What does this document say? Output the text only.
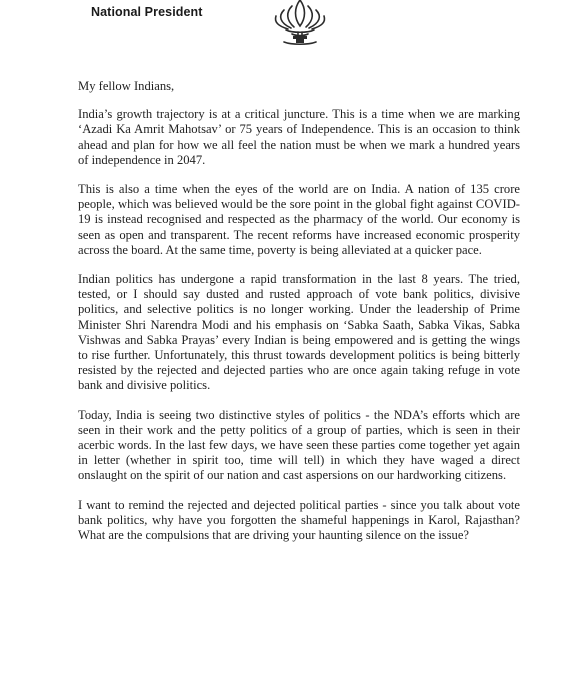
National President

My fellow Indians,

India’s growth trajectory is at a critical juncture. This is a time when we are marking ‘Azadi Ka Amrit Mahotsav’ or 75 years of Independence. This is an occasion to think ahead and plan for how we all feel the nation must be when we mark a hundred years of independence in 2047.

This is also a time when the eyes of the world are on India. A nation of 135 crore people, which was believed would be the sore point in the global fight against COVID-19 is instead recognised and respected as the pharmacy of the world. Our economy is seen as open and transparent. The recent reforms have increased economic prosperity across the board. At the same time, poverty is being alleviated at a quicker pace.

Indian politics has undergone a rapid transformation in the last 8 years. The tried, tested, or I should say dusted and rusted approach of vote bank politics, divisive politics, and selective politics is no longer working. Under the leadership of Prime Minister Shri Narendra Modi and his emphasis on ‘Sabka Saath, Sabka Vikas, Sabka Vishwas and Sabka Prayas’ every Indian is being empowered and is getting the wings to rise further. Unfortunately, this thrust towards development politics is being bitterly resisted by the rejected and dejected parties who are once again taking refuge in vote bank and divisive politics.

Today, India is seeing two distinctive styles of politics - the NDA’s efforts which are seen in their work and the petty politics of a group of parties, which is seen in their acerbic words. In the last few days, we have seen these parties come together yet again in letter (whether in spirit too, time will tell) in which they have waged a direct onslaught on the spirit of our nation and cast aspersions on our hardworking citizens.

I want to remind the rejected and dejected political parties - since you talk about vote bank politics, why have you forgotten the shameful happenings in Karol, Rajasthan? What are the compulsions that are driving your haunting silence on the issue?
